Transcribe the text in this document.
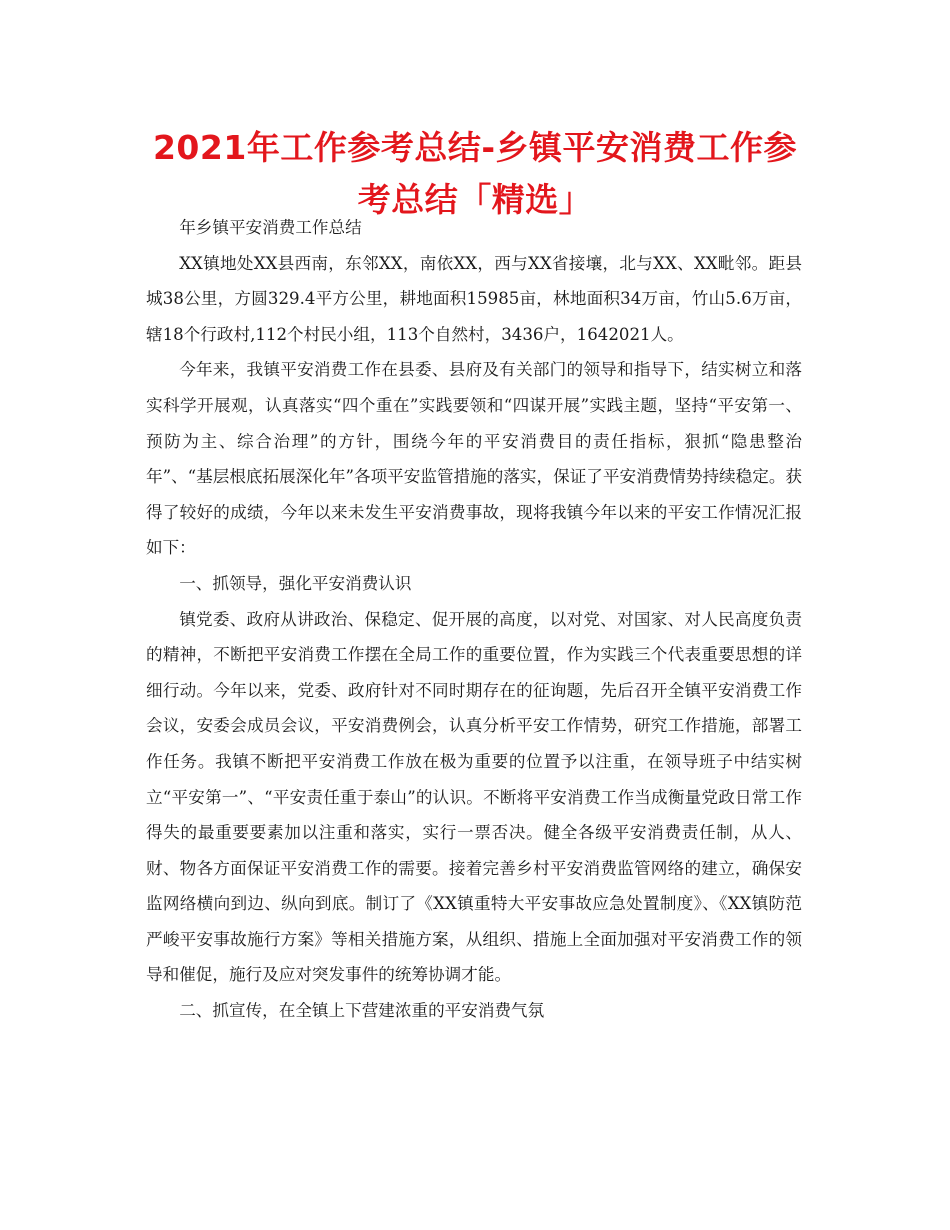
2021年工作参考总结-乡镇平安消费工作参考总结「精选」

年乡镇平安消费工作总结

XX镇地处XX县西南，东邻XX，南依XX，西与XX省接壤，北与XX、XX毗邻。距县城38公里，方圆329.4平方公里，耕地面积15985亩，林地面积34万亩，竹山5.6万亩，辖18个行政村,112个村民小组，113个自然村，3436户，1642021人。

今年来，我镇平安消费工作在县委、县府及有关部门的领导和指导下，结实树立和落实科学开展观，认真落实“四个重在”实践要领和“四谋开展”实践主题，坚持“平安第一、预防为主、综合治理”的方针，围绕今年的平安消费目的责任指标，狠抓“隐患整治年”、“基层根底拓展深化年”各项平安监管措施的落实，保证了平安消费情势持续稳定。获得了较好的成绩，今年以来未发生平安消费事故，现将我镇今年以来的平安工作情况汇报如下：

一、抓领导，强化平安消费认识

镇党委、政府从讲政治、保稳定、促开展的高度，以对党、对国家、对人民高度负责的精神，不断把平安消费工作摆在全局工作的重要位置，作为实践三个代表重要思想的详细行动。今年以来，党委、政府针对不同时期存在的征询题，先后召开全镇平安消费工作会议，安委会成员会议，平安消费例会，认真分析平安工作情势，研究工作措施，部署工作任务。我镇不断把平安消费工作放在极为重要的位置予以注重，在领导班子中结实树立“平安第一”、“平安责任重于泰山”的认识。不断将平安消费工作当成衡量党政日常工作得失的最重要要素加以注重和落实，实行一票否决。健全各级平安消费责任制，从人、财、物各方面保证平安消费工作的需要。接着完善乡村平安消费监管网络的建立，确保安监网络横向到边、纵向到底。制订了《XX镇重特大平安事故应急处置制度》、《XX镇防范严峻平安事故施行方案》等相关措施方案，从组织、措施上全面加强对平安消费工作的领导和催促，施行及应对突发事件的统筹协调才能。

二、抓宣传，在全镇上下营建浓重的平安消费气氛
